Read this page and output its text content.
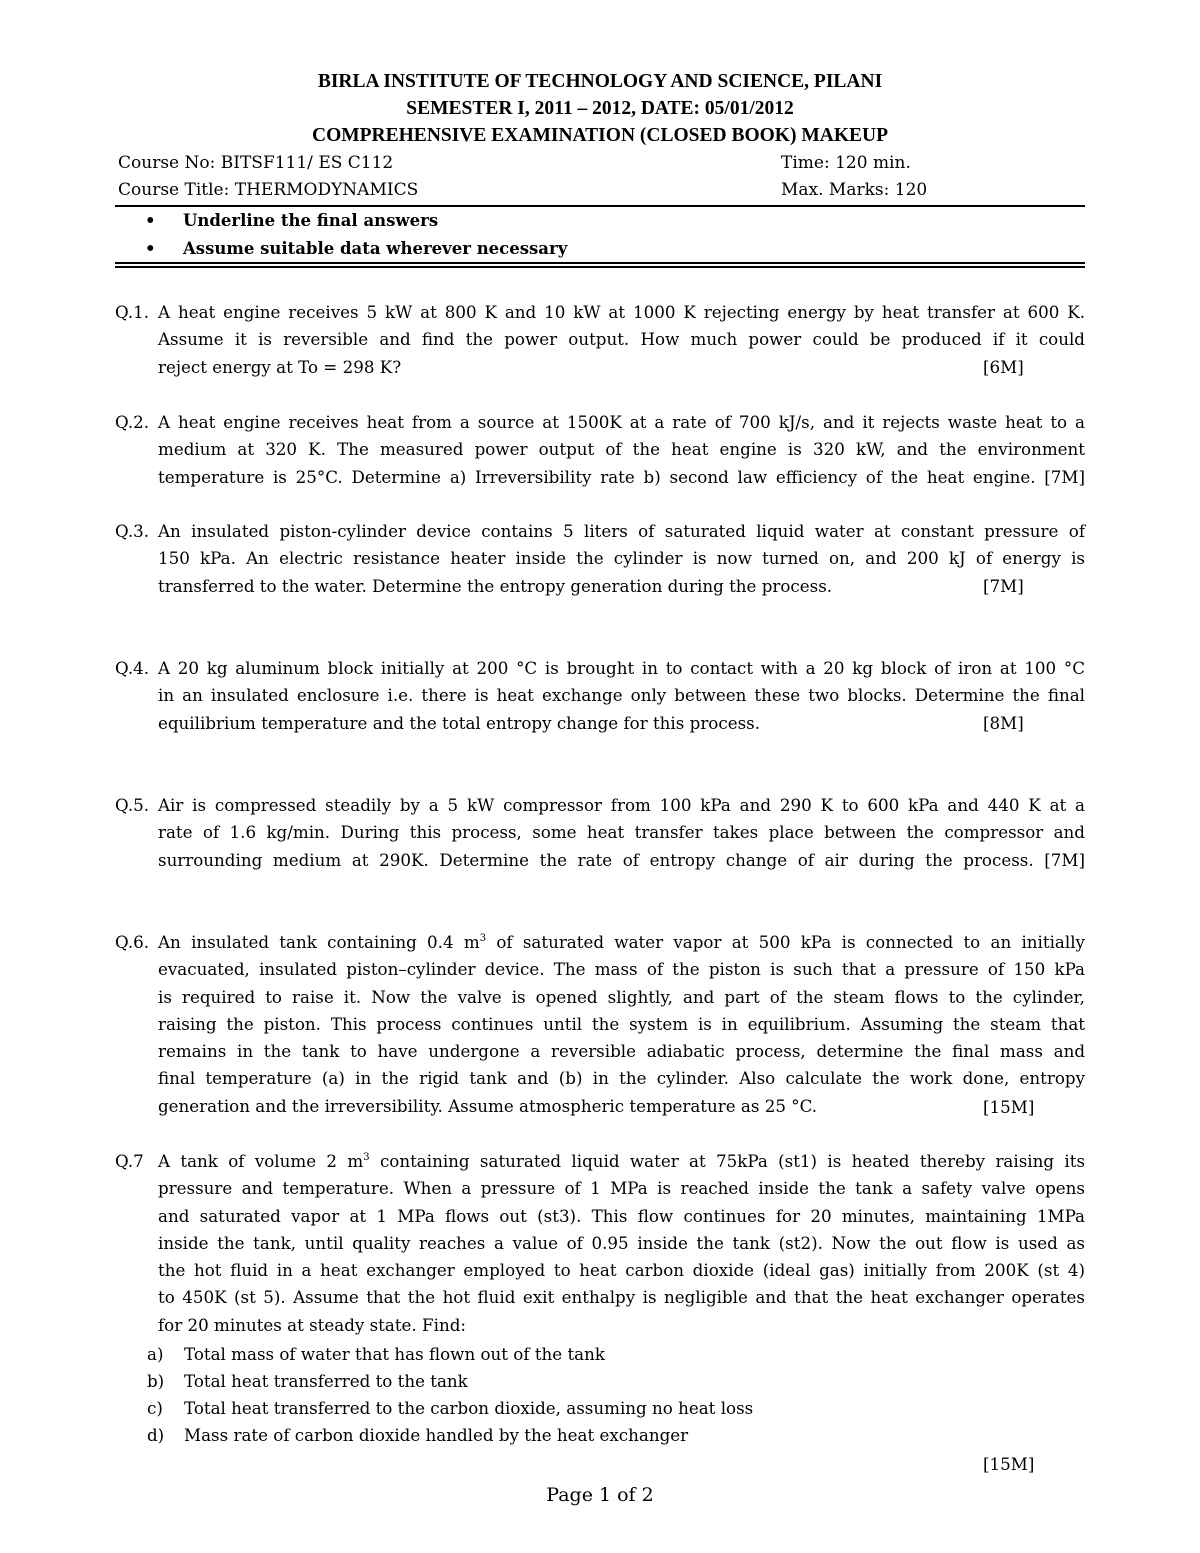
BIRLA INSTITUTE OF TECHNOLOGY AND SCIENCE, PILANI
SEMESTER I, 2011 – 2012, DATE: 05/01/2012
COMPREHENSIVE EXAMINATION (CLOSED BOOK) MAKEUP
Course No: BITSF111/ ES C112	Time: 120 min.
Course Title: THERMODYNAMICS	Max. Marks: 120
• Underline the final answers
• Assume suitable data wherever necessary
Q.1. A heat engine receives 5 kW at 800 K and 10 kW at 1000 K rejecting energy by heat transfer at 600 K.
Assume it is reversible and find the power output. How much power could be produced if it could
reject energy at To = 298 K?	[6M]
Q.2. A heat engine receives heat from a source at 1500K at a rate of 700 kJ/s, and it rejects waste heat to a
medium at 320 K. The measured power output of the heat engine is 320 kW, and the environment
temperature is 25°C. Determine a) Irreversibility rate b) second law efficiency of the heat engine. [7M]
Q.3. An insulated piston-cylinder device contains 5 liters of saturated liquid water at constant pressure of
150 kPa. An electric resistance heater inside the cylinder is now turned on, and 200 kJ of energy is
transferred to the water. Determine the entropy generation during the process.	[7M]
Q.4. A 20 kg aluminum block initially at 200 °C is brought in to contact with a 20 kg block of iron at 100 °C
in an insulated enclosure i.e. there is heat exchange only between these two blocks. Determine the final
equilibrium temperature and the total entropy change for this process.	[8M]
Q.5. Air is compressed steadily by a 5 kW compressor from 100 kPa and 290 K to 600 kPa and 440 K at a
rate of 1.6 kg/min. During this process, some heat transfer takes place between the compressor and
surrounding medium at 290K. Determine the rate of entropy change of air during the process. [7M]
Q.6. An insulated tank containing 0.4 $m^3$ of saturated water vapor at 500 kPa is connected to an initially
evacuated, insulated piston–cylinder device. The mass of the piston is such that a pressure of 150 kPa
is required to raise it. Now the valve is opened slightly, and part of the steam flows to the cylinder,
raising the piston. This process continues until the system is in equilibrium. Assuming the steam that
remains in the tank to have undergone a reversible adiabatic process, determine the final mass and
final temperature (a) in the rigid tank and (b) in the cylinder. Also calculate the work done, entropy
generation and the irreversibility. Assume atmospheric temperature as 25 °C.	[15M]
Q.7 A tank of volume 2 $m^3$ containing saturated liquid water at 75kPa (st1) is heated thereby raising its
pressure and temperature. When a pressure of 1 MPa is reached inside the tank a safety valve opens
and saturated vapor at 1 MPa flows out (st3). This flow continues for 20 minutes, maintaining 1MPa
inside the tank, until quality reaches a value of 0.95 inside the tank (st2). Now the out flow is used as
the hot fluid in a heat exchanger employed to heat carbon dioxide (ideal gas) initially from 200K (st 4)
to 450K (st 5). Assume that the hot fluid exit enthalpy is negligible and that the heat exchanger operates
for 20 minutes at steady state. Find:
a) Total mass of water that has flown out of the tank
b) Total heat transferred to the tank
c) Total heat transferred to the carbon dioxide, assuming no heat loss
d) Mass rate of carbon dioxide handled by the heat exchanger
[15M]
Page 1 of 2
